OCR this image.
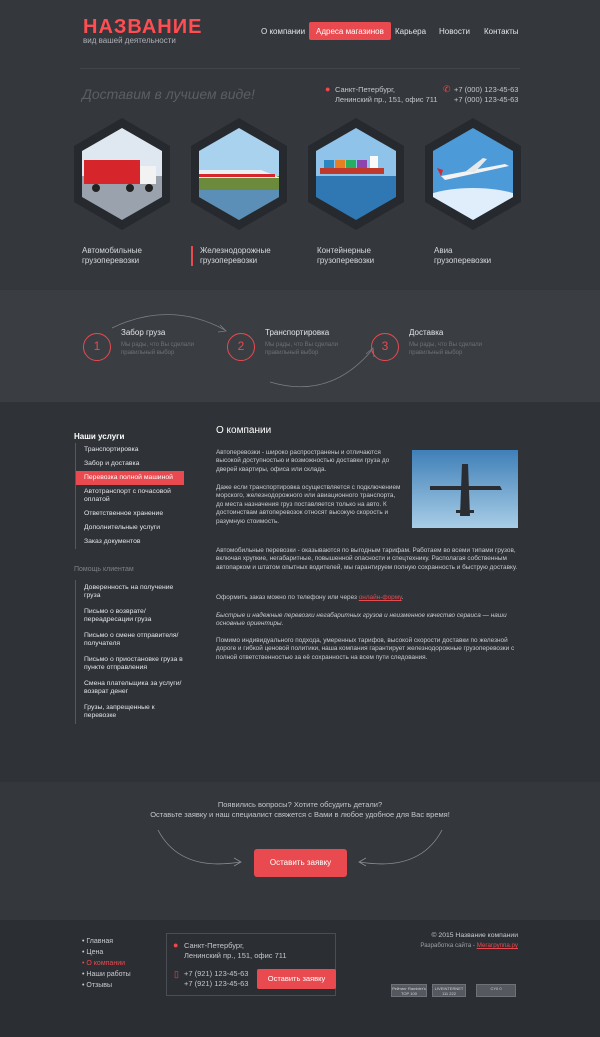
НАЗВАНИЕ
вид вашей деятельности
О компании	Адреса магазинов	Карьера Новости Контакты
Доставим в лучшем виде!	● Санкт-Петербург,
Ленинский пр., 151, офис 711
✆ +7 (000) 123-45-63
+7 (000) 123-45-63
Автомобильные
грузоперевозки
Железнодорожные
грузоперевозки
Контейнерные
грузоперевозки
Авиа
грузоперевозки
1
Забор груза
Мы рады, что Вы сделали
правильный выбор	2
Транспортировка
Мы рады, что Вы сделали
правильный выбор	3
Доставка
Мы рады, что Вы сделали
правильный выбор
Наши услуги
Транспортировка
Забор и доставка
Перевозка полной машиной
Автотранспорт с почасовой оплатой
Ответственное хранение
Дополнительные услуги
Заказ документов
Помощь клиентам
Доверенность на получение груза
Письмо о возврате/переадресации груза
Письмо о смене отправителя/получателя
Письмо о приостановке груза в пункте отправления
Смена плательщика за услуги/возврат денег
Грузы, запрещенные к перевозке
О компании
Автоперевозки - широко распространены и отличаются высокой доступностью и возможностью доставки груза до дверей квартиры, офиса или склада.
Даже если транспортировка осуществляется с подключением морского, железнодорожного или авиационного транспорта, до места назначения груз поставляется только на авто. К достоинствам автоперевозок относят высокую скорость и разумную стоимость.
Автомобильные перевозки - оказываются по выгодным тарифам. Работаем во всеми типами грузов, включая хрупкие, негабаритные, повышенной опасности и спецтехнику. Располагая собственным автопарком и штатом опытных водителей, мы гарантируем полную сохранность и быструю доставку.
Оформить заказ можно по телефону или через онлайн-форму.
Быстрые и надежные перевозки негабаритных грузов и неизменное качество сервиса — наши основные ориентиры.
Помимо индивидуального подхода, умеренных тарифов, высокой скорости доставки по железной дороге и гибкой ценовой политики, наша компания гарантирует железнодорожные грузоперевозки с полной ответственностью за её сохранность на всем пути следования.
Появились вопросы? Хотите обсудить детали?
Оставьте заявку и наш специалист свяжется с Вами в любое удобное для Вас время!
Оставить заявку
• Главная
• Цена
• О компании
• Наши работы
• Отзывы
● Санкт-Петербург,
Ленинский пр., 151, офис 711
▯ +7 (921) 123-45-63
+7 (921) 123-45-63
Оставить заявку
© 2015 Название компании
Разработка сайта - Мегагруппа.ру
Рейтинг Rambler's TOP 100
LIVEINTERNET 111 222
CY0 0
